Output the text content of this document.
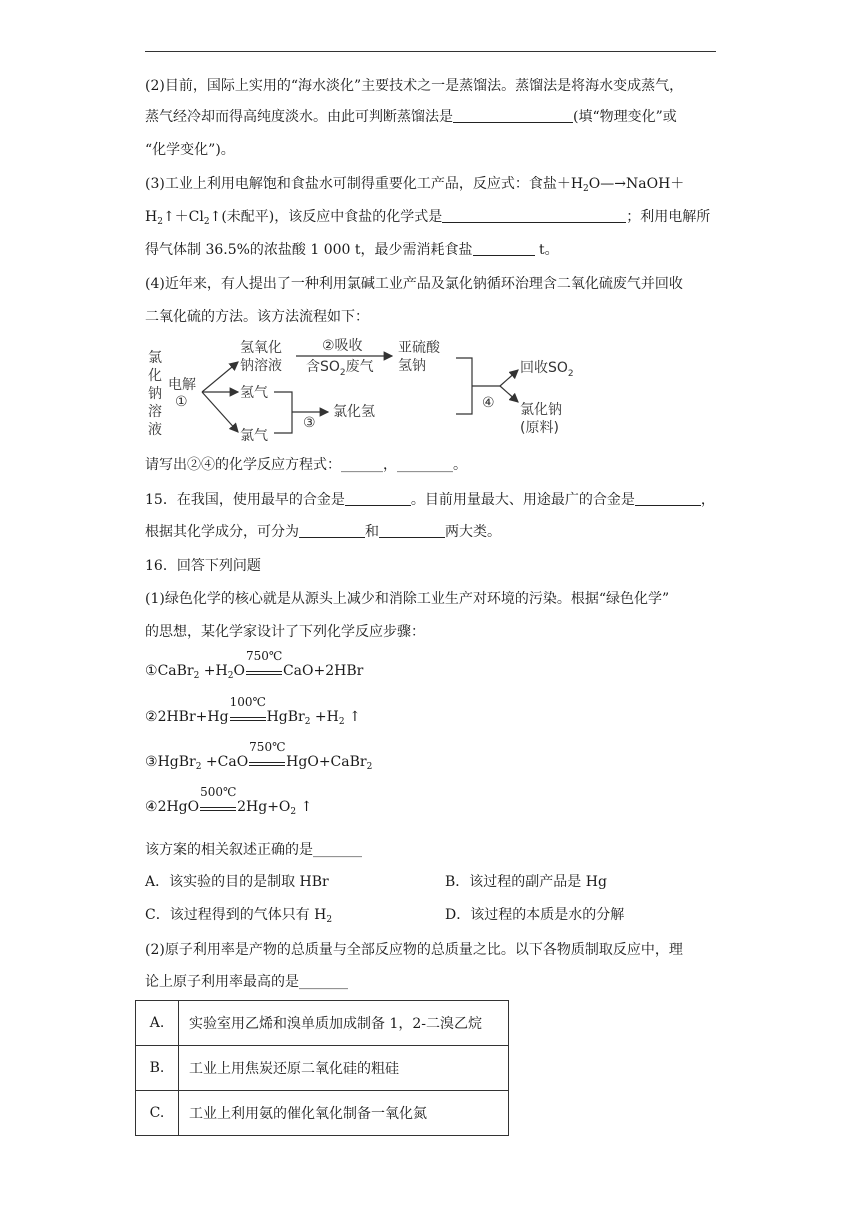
(2)目前，国际上实用的“海水淡化”主要技术之一是蒸馏法。蒸馏法是将海水变成蒸气，
蒸气经冷却而得高纯度淡水。由此可判断蒸馏法是	(填“物理变化”或
“化学变化”)。
(3)工业上利用电解饱和食盐水可制得重要化工产品，反应式：食盐$+H_2O—\to NaOH+$
$H_2↑+Cl_2↑$(未配平)，该反应中食盐的化学式是	；利用电解所
得气体制 36.5%的浓盐酸 1 000 t，最少需消耗食盐	t。
(4)近年来，有人提出了一种利用氯碱工业产品及氯化钠循环治理含二氧化硫废气并回收
二氧化硫的方法。该方法流程如下：
氯
化
钠
溶
液
电解
①
氢氧化
钠溶液
②吸收
含$SO_2$废气
亚硫酸
氢钠
氢气
氯气
③
氯化氢
④
回收$SO_2$
氯化钠
(原料)
请写出②④的化学反应方程式：______，________。
15．在我国，使用最早的合金是	。目前用量最大、用途最广的合金是	，
根据其化学成分，可分为	和	两大类。
16．回答下列问题
(1)绿色化学的核心就是从源头上减少和消除工业生产对环境的污染。根据“绿色化学”
的思想，某化学家设计了下列化学反应步骤：
①CaBr$_2$ $+H_2O$
750℃
CaO+2HBr
②2HBr+Hg
100℃
HgBr$_2$ $+H_2$ ↑
③HgBr$_2$ +CaO
750℃
HgO+CaBr$_2$
④2HgO
500℃
$2Hg+O_2$ ↑
该方案的相关叙述正确的是_______
A．该实验的目的是制取 HBr	B．该过程的副产品是 Hg
C．该过程得到的气体只有 $H_2$	D．该过程的本质是水的分解
(2)原子利用率是产物的总质量与全部反应物的总质量之比。以下各物质制取反应中，理
论上原子利用率最高的是_______
A.	实验室用乙烯和溴单质加成制备 1，2-二溴乙烷
B.	工业上用焦炭还原二氧化硅的粗硅
C.	工业上利用氨的催化氧化制备一氧化氮
